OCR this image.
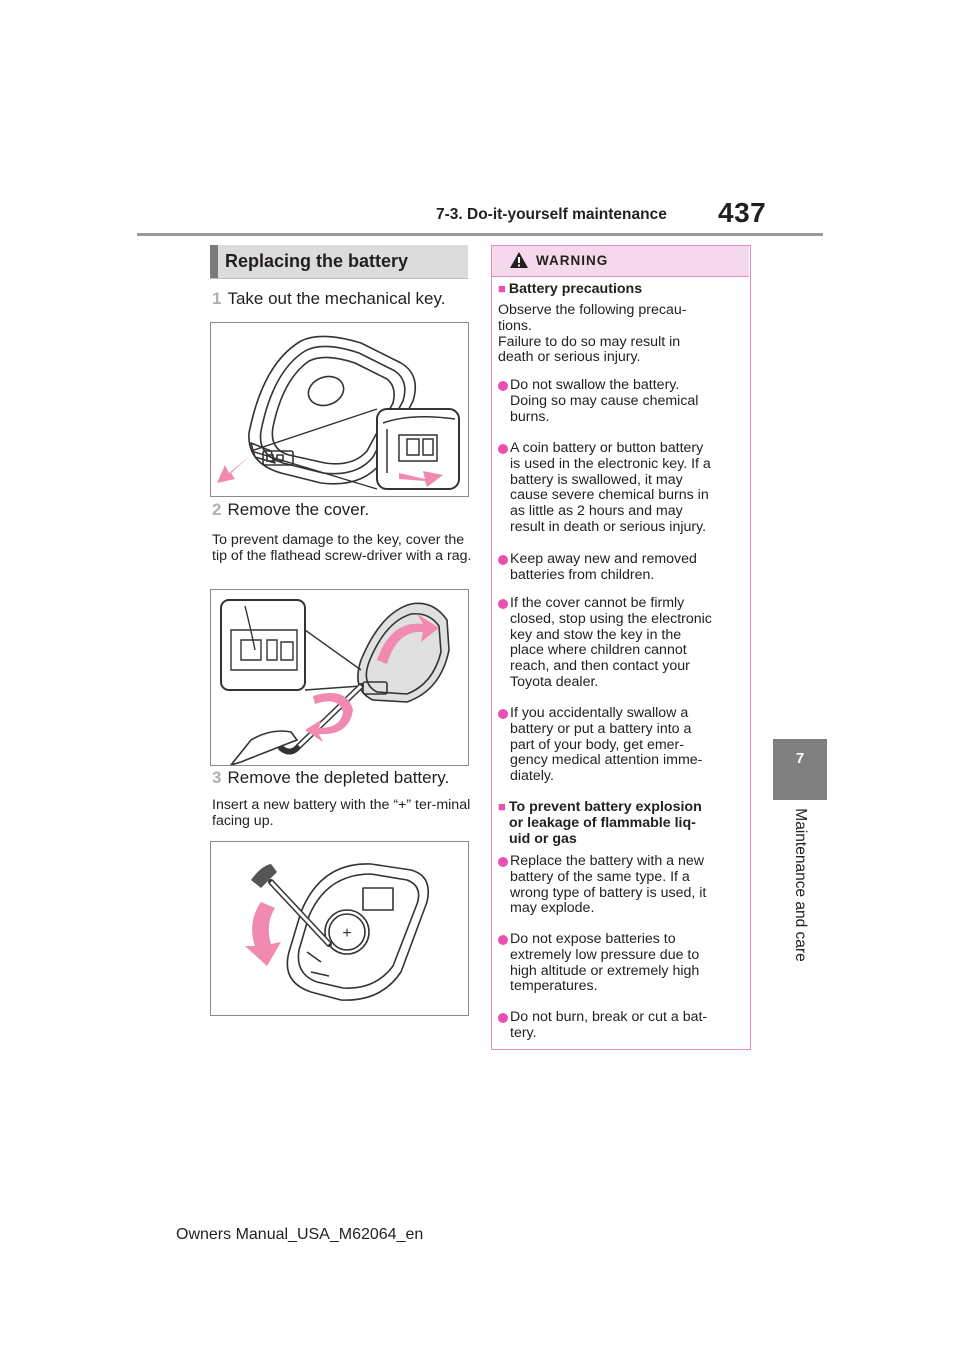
7-3. Do-it-yourself maintenance 437
7
Maintenance and care
Replacing the battery
1 Take out the mechanical key.
2 Remove the cover.
To prevent damage to the key, cover the tip of the flathead screw-driver with a rag.
3 Remove the depleted battery.
Insert a new battery with the “+” ter-minal facing up.
+
WARNING
■ Battery precautions
Observe the following precau-
tions.
Failure to do so may result in
death or serious injury.
Do not swallow the battery.
Doing so may cause chemical
burns.
A coin battery or button battery
is used in the electronic key. If a
battery is swallowed, it may
cause severe chemical burns in
as little as 2 hours and may
result in death or serious injury.
Keep away new and removed
batteries from children.
If the cover cannot be firmly
closed, stop using the electronic
key and stow the key in the
place where children cannot
reach, and then contact your
Toyota dealer.
If you accidentally swallow a
battery or put a battery into a
part of your body, get emer-
gency medical attention imme-
diately.
■ To prevent battery explosion
or leakage of flammable liq-
uid or gas
Replace the battery with a new
battery of the same type. If a
wrong type of battery is used, it
may explode.
Do not expose batteries to
extremely low pressure due to
high altitude or extremely high
temperatures.
Do not burn, break or cut a bat-
tery.
Owners Manual_USA_M62064_en
